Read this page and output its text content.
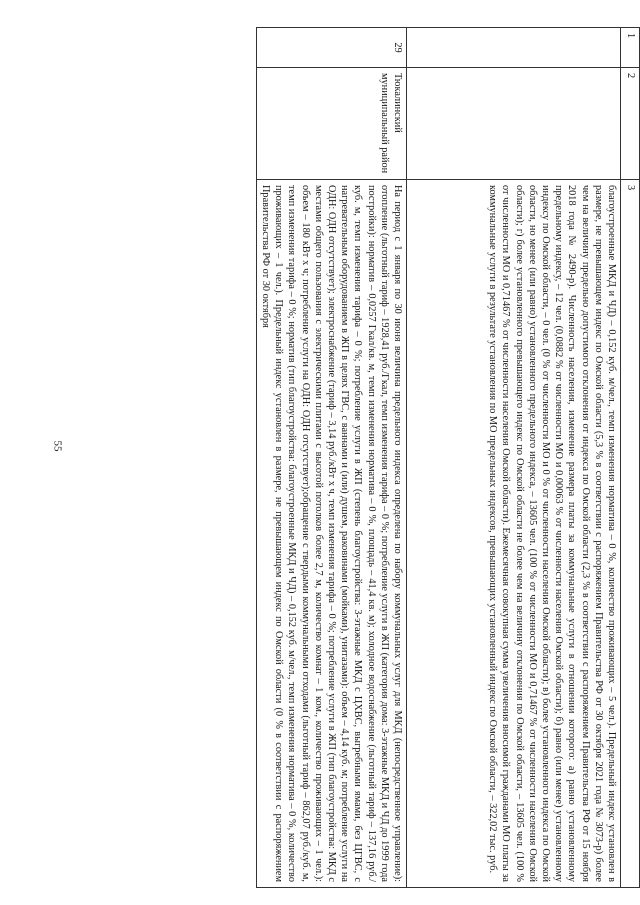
55
1	2	3
		благоустроенные МКД и ЧД) – 0,152 куб. м/чел., темп изменения норматива – 0 %, количество проживающих – 5 чел.). Предельный индекс установлен в размере, не превышающем индекс по Омской области (5,3 % в соответствии с распоряжением Правительства РФ от 30 октября 2021 года № 3073-р) более чем на величину предельно допустимого отклонения от индекса по Омской области (2,3 % в соответствии с распоряжением Правительства РФ от 15 ноября 2018 года № 2490-р). Численность населения, изменение размера платы за коммунальные услуги в отношении которого: а) равно установленному предельному индексу, – 12 чел. (0,0882 % от численности МО и 0,00063 % от численности населения Омской области); б) равно (или менее) установленному индексу по Омской области, – 0 чел. (0 % от численности МО и 0 % от численности населения Омской области); в) более установленного индекса по Омской области, но менее (или равно) установленного предельного индекса, – 13605 чел. (100 % от численности МО и 0,71467 % от численности населения Омской области); г) более установленного превышающего индекс по Омской области не более чем на величину отклонения по Омской области, – 13605 чел. (100 % от численности МО и 0,71467 % от численности населения Омской области). Ежемесячная совокупная сумма увеличения вносимой гражданами МО платы за коммунальные услуги в результате установления по МО предельных индексов, превышающих установленный индекс по Омской области, – 322,02 тыс. руб.
29	Тюкалинский муниципальный район	На период с 1 января по 30 июня величина предельного индекса определена по набору коммунальных услуг для МКД (непосредственное управление): отопление (льготный тариф – 1928,41 руб./Гкал, темп изменения тарифа – 0 %; потребление услуги в ЖП (категория дома: 3-этажные МКД и ЧД до 1999 года постройки): норматив – 0,0257 Гкал/кв. м, темп изменения норматива – 0 %, площадь – 41,4 кв. м); холодное водоснабжение (льготный тариф – 137,16 руб./куб. м, темп изменения тарифа – 0 %; потребление услуги в ЖП (степень благоустройства: 3-этажные МКД с ЦХВС, выгребными ямами, без ЦГВС, с нагревательным оборудованием в ЖП в целях ГВС, с ваннами и (или) душем, раковинами (мойками), унитазами): объем – 4,14 куб. м; потребление услуги на ОДН: ОДН отсутствует); электроснабжение (тариф – 3,14 руб./кВт х ч, темп изменения тарифа – 0 %; потребление услуги в ЖП (тип благоустройства: МКД с местами общего пользования с электрическими плитами с высотой потолков более 2,7 м, количество комнат – 1 ком., количество проживающих – 1 чел.): объем – 180 кВт х ч; потребление услуги на ОДН: ОДН отсутствует);обращение с твердыми коммунальными отходами (льготный тариф – 862,07 руб./куб. м, темп изменения тарифа – 0 %; норматив (тип благоустройства: благоустроенные МКД и ЧД) – 0,152 куб. м/чел., темп изменения норматива – 0 %, количество проживающих – 1 чел.). Предельный индекс установлен в размере, не превышающем индекс по Омской области (0 % в соответствии с распоряжением Правительства РФ от 30 октября
